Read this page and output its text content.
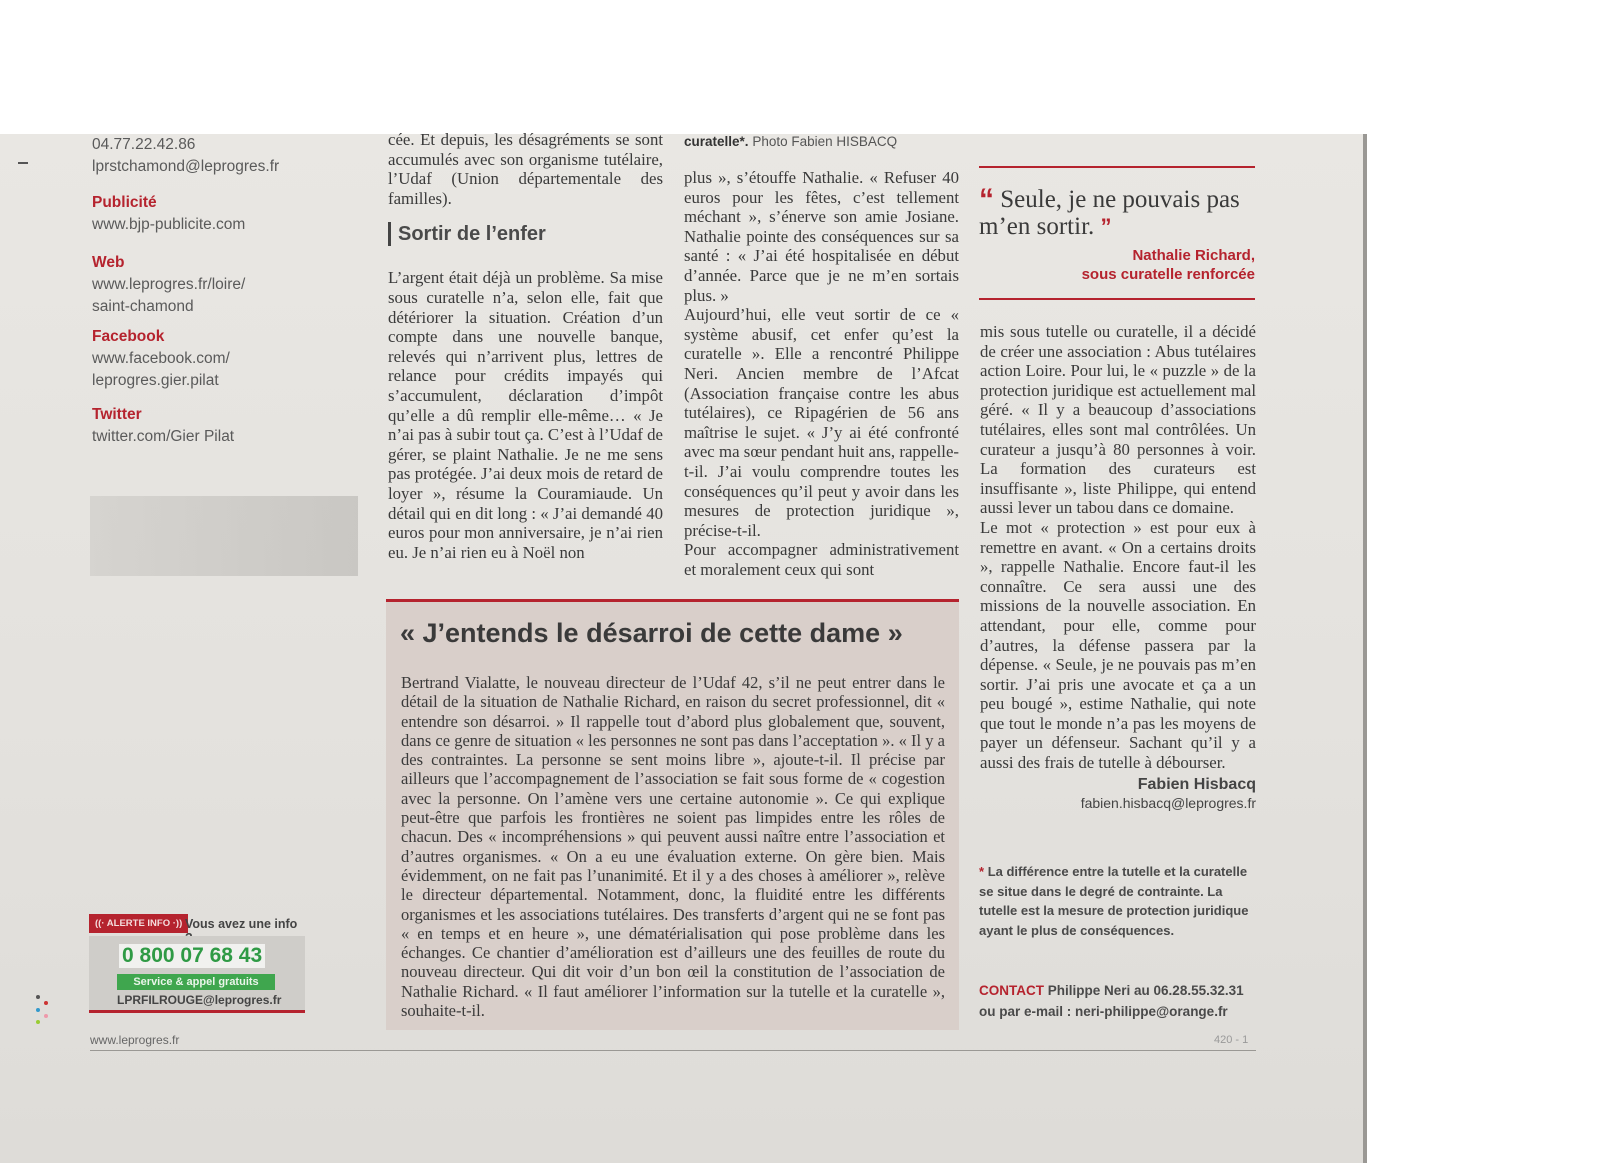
04.77.22.42.86
lprstchamond@leprogres.fr
Publicité
www.bjp-publicite.com
Web
www.leprogres.fr/loire/
saint-chamond
Facebook
www.facebook.com/
leprogres.gier.pilat
Twitter
twitter.com/Gier Pilat

cée. Et depuis, les désagréments se sont accumulés avec son organisme tutélaire, l’Udaf (Union départementale des familles).

Sortir de l’enfer

L’argent était déjà un problème. Sa mise sous curatelle n’a, selon elle, fait que détériorer la situation. Création d’un compte dans une nouvelle banque, relevés qui n’arrivent plus, lettres de relance pour crédits impayés qui s’accumulent, déclaration d’impôt qu’elle a dû remplir elle-même… « Je n’ai pas à subir tout ça. C’est à l’Udaf de gérer, se plaint Nathalie. Je ne me sens pas protégée. J’ai deux mois de retard de loyer », résume la Couramiaude. Un détail qui en dit long : « J’ai demandé 40 euros pour mon anniversaire, je n’ai rien eu. Je n’ai rien eu à Noël non

curatelle*. Photo Fabien HISBACQ

plus », s’étouffe Nathalie. « Refuser 40 euros pour les fêtes, c’est tellement méchant », s’énerve son amie Josiane. Nathalie pointe des conséquences sur sa santé : « J’ai été hospitalisée en début d’année. Parce que je ne m’en sortais plus. »

Aujourd’hui, elle veut sortir de ce « système abusif, cet enfer qu’est la curatelle ». Elle a rencontré Philippe Neri. Ancien membre de l’Afcat (Association française contre les abus tutélaires), ce Ripagérien de 56 ans maîtrise le sujet. « J’y ai été confronté avec ma sœur pendant huit ans, rappelle-t-il. J’ai voulu comprendre toutes les conséquences qu’il peut y avoir dans les mesures de protection juridique », précise-t-il.

Pour accompagner administrativement et moralement ceux qui sont

“ Seule, je ne pouvais pas m’en sortir. ”
Nathalie Richard,
sous curatelle renforcée

mis sous tutelle ou curatelle, il a décidé de créer une association : Abus tutélaires action Loire. Pour lui, le « puzzle » de la protection juridique est actuellement mal géré. « Il y a beaucoup d’associations tutélaires, elles sont mal contrôlées. Un curateur a jusqu’à 80 personnes à voir. La formation des curateurs est insuffisante », liste Philippe, qui entend aussi lever un tabou dans ce domaine.

Le mot « protection » est pour eux à remettre en avant. « On a certains droits », rappelle Nathalie. Encore faut-il les connaître. Ce sera aussi une des missions de la nouvelle association. En attendant, pour elle, comme pour d’autres, la défense passera par la dépense. « Seule, je ne pouvais pas m’en sortir. J’ai pris une avocate et ça a un peu bougé », estime Nathalie, qui note que tout le monde n’a pas les moyens de payer un défenseur. Sachant qu’il y a aussi des frais de tutelle à débourser.

Fabien Hisbacq
fabien.hisbacq@leprogres.fr
« J’entends le désarroi de cette dame »
Bertrand Vialatte, le nouveau directeur de l’Udaf 42, s’il ne peut entrer dans le détail de la situation de Nathalie Richard, en raison du secret professionnel, dit « entendre son désarroi. » Il rappelle tout d’abord plus globalement que, souvent, dans ce genre de situation « les personnes ne sont pas dans l’acceptation ». « Il y a des contraintes. La personne se sent moins libre », ajoute-t-il. Il précise par ailleurs que l’accompagnement de l’association se fait sous forme de « cogestion avec la personne. On l’amène vers une certaine autonomie ». Ce qui explique peut-être que parfois les frontières ne soient pas limpides entre les rôles de chacun. Des « incompréhensions » qui peuvent aussi naître entre l’association et d’autres organismes. « On a eu une évaluation externe. On gère bien. Mais évidemment, on ne fait pas l’unanimité. Et il y a des choses à améliorer », relève le directeur départemental. Notamment, donc, la fluidité entre les différents organismes et les associations tutélaires. Des transferts d’argent qui ne se font pas « en temps et en heure », une dématérialisation qui pose problème dans les échanges. Ce chantier d’amélioration est d’ailleurs une des feuilles de route du nouveau directeur. Qui dit voir d’un bon œil la constitution de l’association de Nathalie Richard. « Il faut améliorer l’information sur la tutelle et la curatelle », souhaite-t-il.
* La différence entre la tutelle et la curatelle se situe dans le degré de contrainte. La tutelle est la mesure de protection juridique ayant le plus de conséquences.
CONTACT Philippe Neri au 06.28.55.32.31
ou par e-mail : neri-philippe@orange.fr
((· ALERTE INFO ·)) Vous avez une info
0 800 07 68 43
Service & appel gratuits
LPRFILROUGE@leprogres.fr
www.leprogres.fr	420 - 1
